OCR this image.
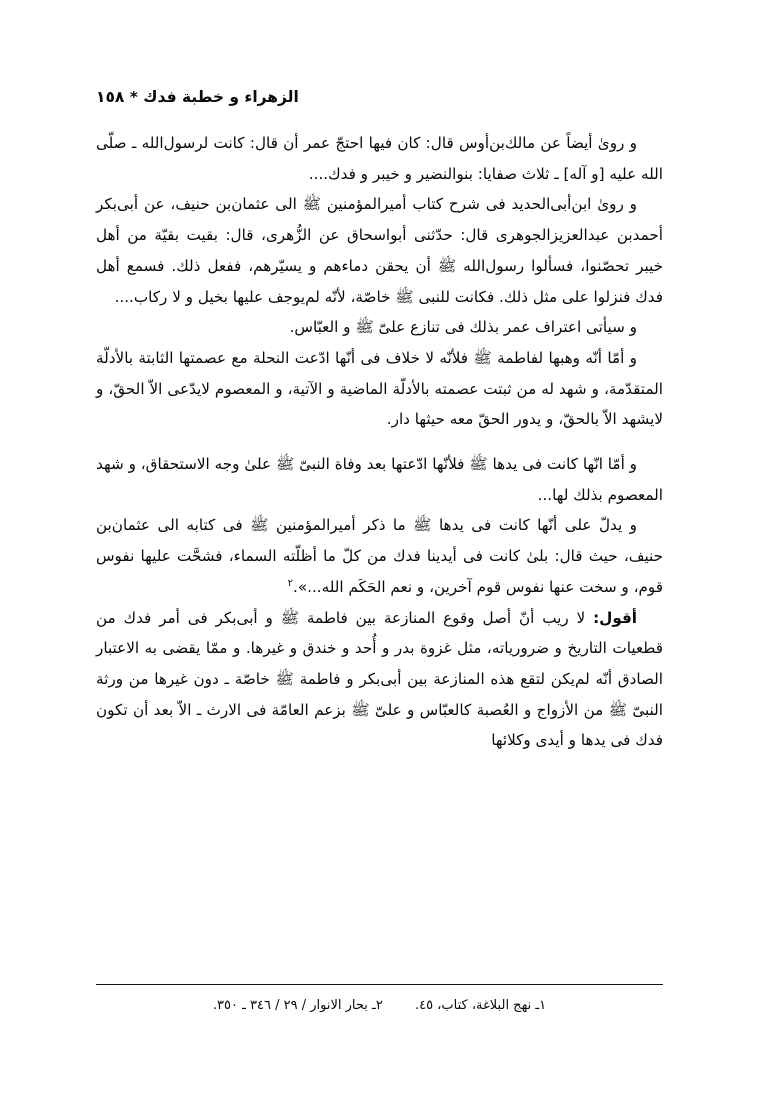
الزهراء و خطبة فدك * ١٥٨

و روىٰ أيضاً عن مالك‌بن‌أوس قال: كان فيها احتجّ عمر أن قال: كانت لرسول‌الله ـ صلّى الله عليه [و آله] ـ ثلاث صفايا: بنوالنضير و خيبر و فدك....

و روىٰ ابن‌أبى‌الحديد فى شرح كتاب أميرالمؤمنين ﷺ الى عثمان‌بن حنيف، عن أبى‌بكر أحمدبن عبدالعزيزالجوهرى قال: حدّثنى أبواسحاق عن الزُّهرى، قال: بقيت بقيّة من أهل خيبر تحصّنوا، فسألوا رسول‌الله ﷺ أن يحقن دماءهم و يسيّرهم، ففعل ذلك. فسمع أهل فدك فنزلوا على مثل ذلك. فكانت للنبى ﷺ خاصّة، لأنّه لم‌يوجف عليها بخيل و لا ركاب....

و سيأتى اعتراف عمر بذلك فى تنازع علىّ ﷺ و العبّاس.

و أمّا أنّه وهبها لفاطمة ﷺ فلأنّه لا خلاف فى أنّها ادّعت النحلة مع عصمتها الثابتة بالأدلّة المتقدّمة، و شهد له من ثبتت عصمته بالأدلّة الماضية و الآتية، و المعصوم لايدّعى الاّ الحقّ، و لايشهد الاّ بالحقّ، و يدور الحقّ معه حيثها دار.

و أمّا انّها كانت فى يدها ﷺ فلأنّها ادّعتها بعد وفاة النبىّ ﷺ علىٰ وجه الاستحقاق، و شهد المعصوم بذلك لها...

و يدلّ على أنّها كانت فى يدها ﷺ ما ذكر أميرالمؤمنين ﷺ فى كتابه الى عثمان‌بن حنيف، حيث قال: بلىٰ كانت فى أيدينا فدك من كلّ ما أظلّته السماء، فشحَّت عليها نفوس قوم، و سخت عنها نفوس قوم آخرين، و نعم الحَكَم الله...».$^٢$

أقول: لا ريب أنّ أصل وقوع المنازعة بين فاطمة ﷺ و أبى‌بكر فى أمر فدك من قطعيات التاريخ و ضرورياته، مثل غزوة بدر و أُحد و خندق و غيرها. و ممّا يقضى به الاعتبار الصادق أنّه لم‌يكن لتقع هذه المنازعة بين أبى‌بكر و فاطمة ﷺ خاصّة ـ دون غيرها من ورثة النبىّ ﷺ من الأزواج و العُصبة كالعبّاس و علىّ ﷺ بزعم العامّة فى الارث ـ الاّ بعد أن تكون فدك فى يدها و أيدى وكلائها

١ـ نهج البلاغة، كتاب، ٤٥. ٢ـ بحار الانوار / ٢٩ / ٣٤٦ ـ ٣٥٠.
